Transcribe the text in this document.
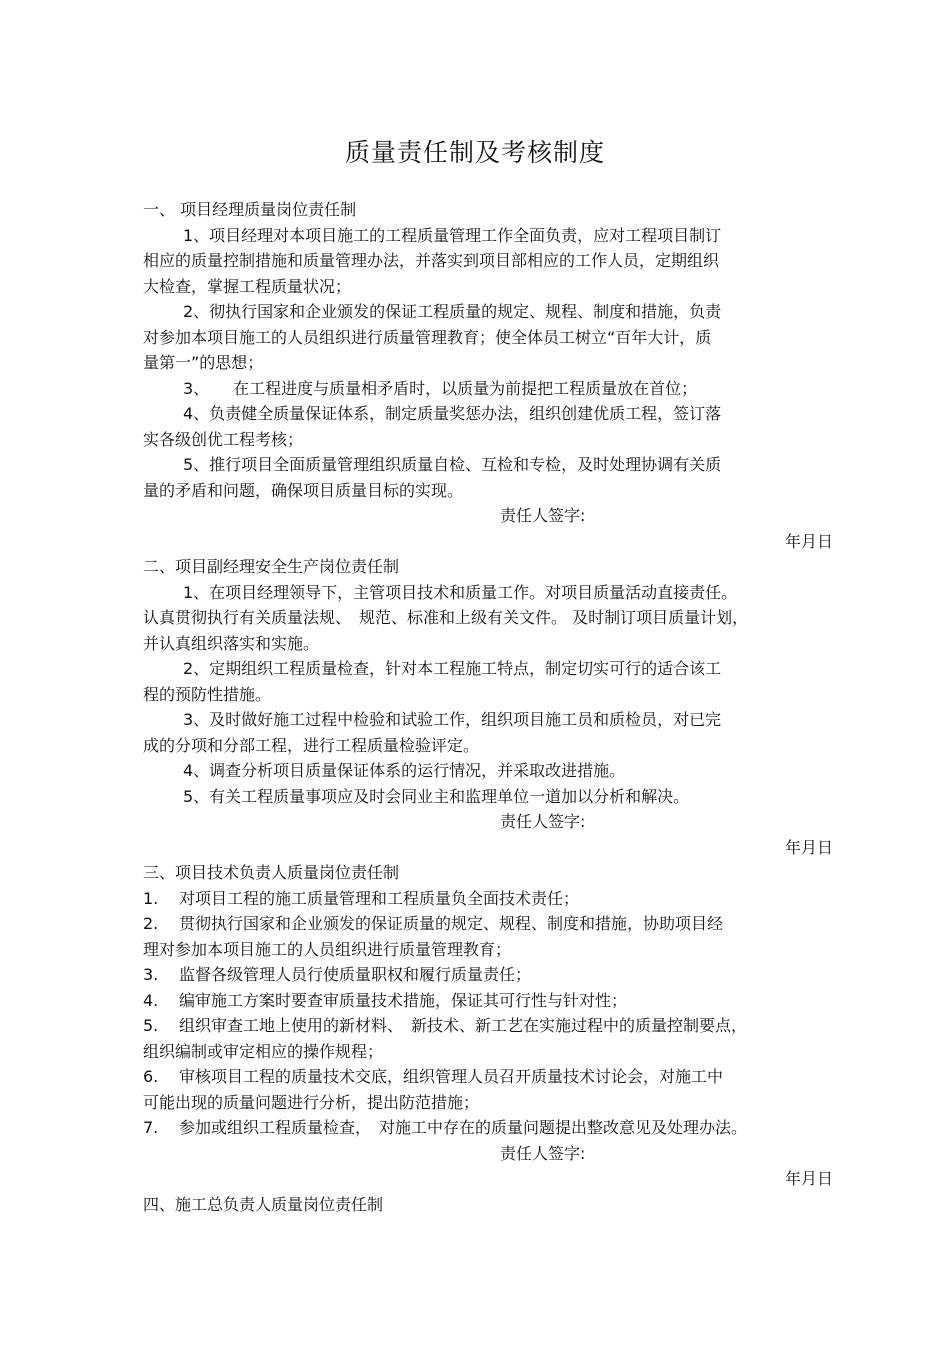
质量责任制及考核制度
一、 项目经理质量岗位责任制
1、项目经理对本项目施工的工程质量管理工作全面负责，应对工程项目制订
相应的质量控制措施和质量管理办法，并落实到项目部相应的工作人员，定期组织
大检查，掌握工程质量状况；
2、彻执行国家和企业颁发的保证工程质量的规定、规程、制度和措施，负责
对参加本项目施工的人员组织进行质量管理教育；使全体员工树立“百年大计，质
量第一”的思想；
3、　　在工程进度与质量相矛盾时，以质量为前提把工程质量放在首位；
4、负责健全质量保证体系，制定质量奖惩办法，组织创建优质工程，签订落
实各级创优工程考核；
5、推行项目全面质量管理组织质量自检、互检和专检，及时处理协调有关质
量的矛盾和问题，确保项目质量目标的实现。
责任人签字:
年月日
二、项目副经理安全生产岗位责任制
1、在项目经理领导下，主管项目技术和质量工作。对项目质量活动直接责任。
认真贯彻执行有关质量法规、　规范、标准和上级有关文件。 及时制订项目质量计划，
并认真组织落实和实施。
2、定期组织工程质量检查，针对本工程施工特点，制定切实可行的适合该工
程的预防性措施。
3、及时做好施工过程中检验和试验工作，组织项目施工员和质检员，对已完
成的分项和分部工程，进行工程质量检验评定。
4、调查分析项目质量保证体系的运行情况，并采取改进措施。
5、有关工程质量事项应及时会同业主和监理单位一道加以分析和解决。
责任人签字:
年月日
三、项目技术负责人质量岗位责任制
1. 对项目工程的施工质量管理和工程质量负全面技术责任；
2. 贯彻执行国家和企业颁发的保证质量的规定、规程、制度和措施，协助项目经
理对参加本项目施工的人员组织进行质量管理教育；
3. 监督各级管理人员行使质量职权和履行质量责任；
4. 编审施工方案时要查审质量技术措施，保证其可行性与针对性；
5. 组织审查工地上使用的新材料、　新技术、新工艺在实施过程中的质量控制要点，
组织编制或审定相应的操作规程；
6. 审核项目工程的质量技术交底，组织管理人员召开质量技术讨论会，对施工中
可能出现的质量问题进行分析，提出防范措施；
7. 参加或组织工程质量检查，　对施工中存在的质量问题提出整改意见及处理办法。
责任人签字:
年月日
四、施工总负责人质量岗位责任制
